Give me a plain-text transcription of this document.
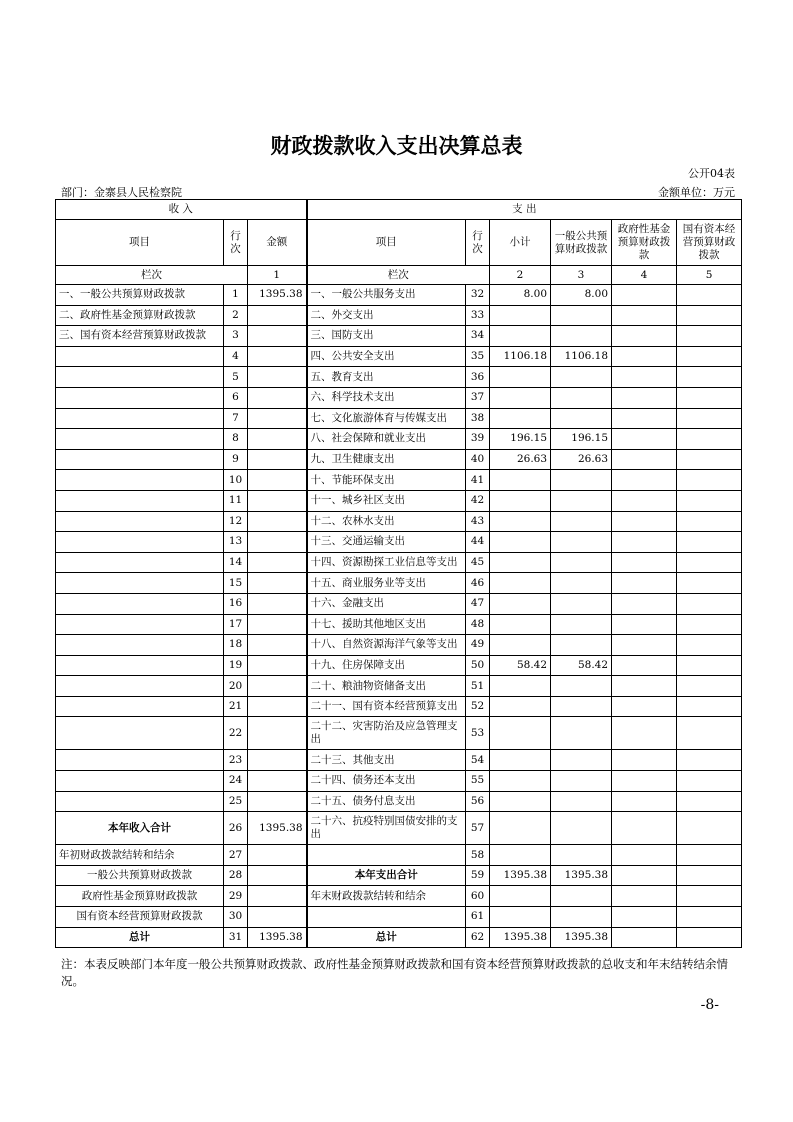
财政拨款收入支出决算总表
公开04表
部门：金寨县人民检察院	金额单位：万元
收 入			支 出					
项目	行次	金额	项目	行次	小计	一般公共预算财政拨款	政府性基金预算财政拨款	国有资本经营预算财政拨款
栏次		1	栏次		2	3	4	5
一、一般公共预算财政拨款	1	1395.38	一、一般公共服务支出	32	8.00	8.00		
二、政府性基金预算财政拨款	2		二、外交支出	33				
三、国有资本经营预算财政拨款	3		三、国防支出	34				
	4		四、公共安全支出	35	1106.18	1106.18		
	5		五、教育支出	36				
	6		六、科学技术支出	37				
	7		七、文化旅游体育与传媒支出	38				
	8		八、社会保障和就业支出	39	196.15	196.15		
	9		九、卫生健康支出	40	26.63	26.63		
	10		十、节能环保支出	41				
	11		十一、城乡社区支出	42				
	12		十二、农林水支出	43				
	13		十三、交通运输支出	44				
	14		十四、资源勘探工业信息等支出	45				
	15		十五、商业服务业等支出	46				
	16		十六、金融支出	47				
	17		十七、援助其他地区支出	48				
	18		十八、自然资源海洋气象等支出	49				
	19		十九、住房保障支出	50	58.42	58.42		
	20		二十、粮油物资储备支出	51				
	21		二十一、国有资本经营预算支出	52				
	22		二十二、灾害防治及应急管理支出	53				
	23		二十三、其他支出	54				
	24		二十四、债务还本支出	55				
	25		二十五、债务付息支出	56				
本年收入合计	26	1395.38	二十六、抗疫特别国债安排的支出	57				
年初财政拨款结转和结余	27			58				
一般公共预算财政拨款	28		本年支出合计	59	1395.38	1395.38		
政府性基金预算财政拨款	29		年末财政拨款结转和结余	60				
国有资本经营预算财政拨款	30			61				
总计	31	1395.38	总计	62	1395.38	1395.38		
注：本表反映部门本年度一般公共预算财政拨款、政府性基金预算财政拨款和国有资本经营预算财政拨款的总收支和年末结转结余情况。
-8-
